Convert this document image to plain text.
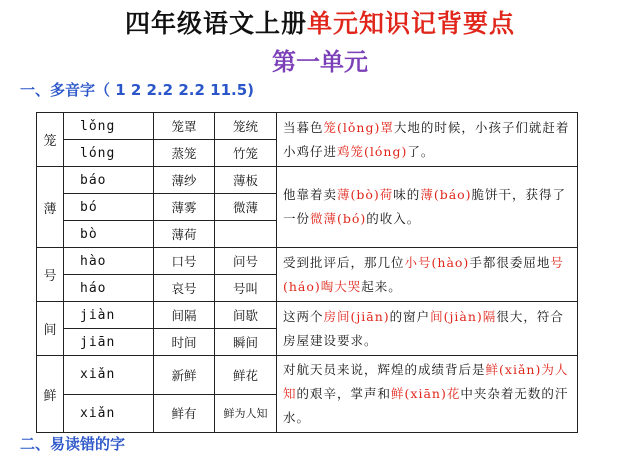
四年级语文上册单元知识记背要点
第一单元
一、多音字（ 1 2 2.2 2.2 11.5)
笼	lǒng	笼罩	笼统	当暮色笼(lǒng)罩大地的时候，小孩子们就赶着小鸡仔进鸡笼(lóng)了。
	lóng	蒸笼	竹笼	
薄	báo	薄纱	薄板	他靠着卖薄(bò)荷味的薄(báo)脆饼干，获得了一份微薄(bó)的收入。
	bó	薄雾	微薄	
	bò	薄荷		
号	hào	口号	问号	受到批评后，那几位小号(hào)手都很委屈地号(háo)啕大哭起来。
	háo	哀号	号叫	
间	jiàn	间隔	间歇	这两个房间(jiān)的窗户间(jiàn)隔很大，符合房屋建设要求。
	jiān	时间	瞬间	
鲜	xiǎn	新鲜	鲜花	对航天员来说，辉煌的成绩背后是鲜(xiǎn)为人知的艰辛，掌声和鲜(xiān)花中夹杂着无数的汗水。
	xiǎn	鲜有	鲜为人知	
二、易读错的字
